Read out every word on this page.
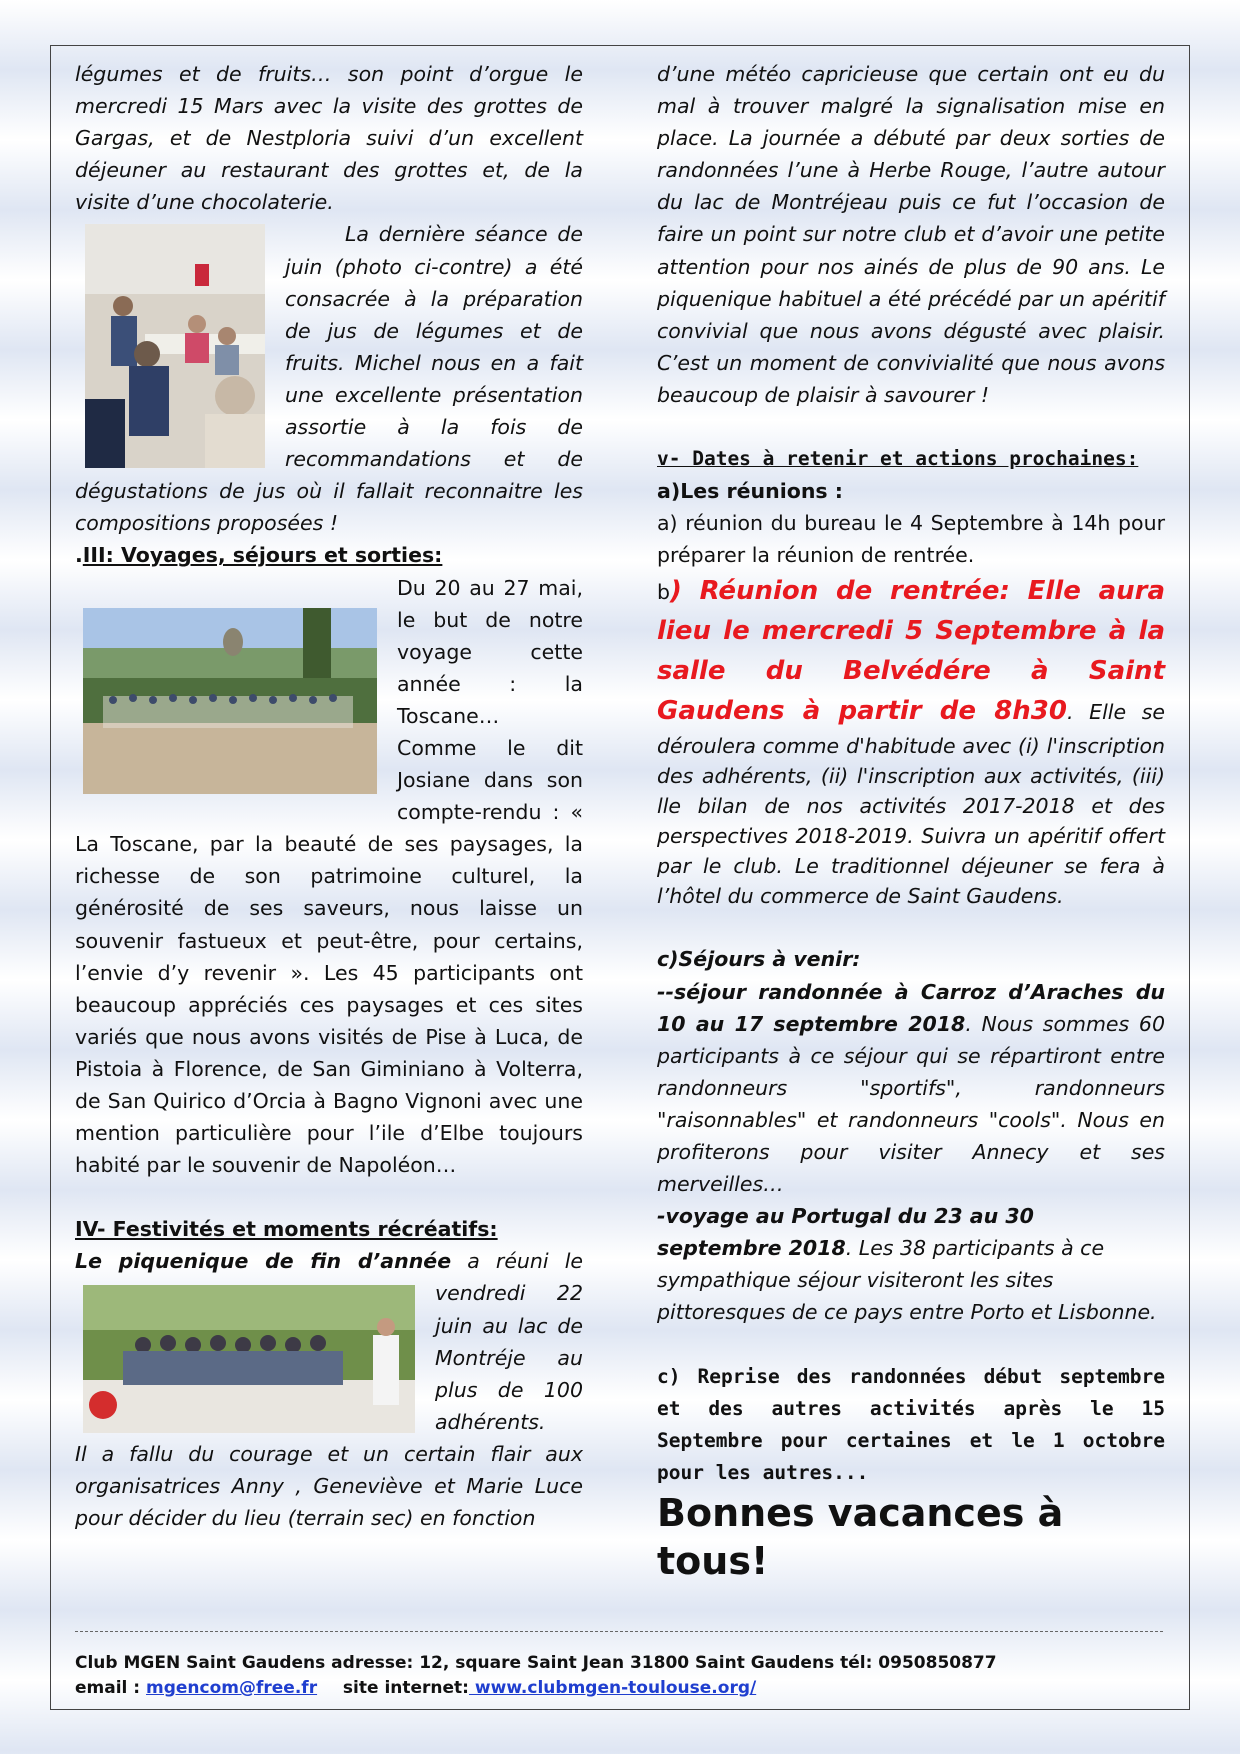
légumes et de fruits… son point d’orgue le mercredi 15 Mars avec la visite des grottes de Gargas, et de Nestploria suivi d’un excellent déjeuner au restaurant des grottes et, de la visite d’une chocolaterie.

La dernière séance de juin (photo ci-contre) a été consacrée à la préparation de jus de légumes et de fruits. Michel nous en a fait une excellente présentation assortie à la fois de recommandations et de dégustations de jus où il fallait reconnaitre les compositions proposées !

.III: Voyages, séjours et sorties:

Du 20 au 27 mai, le but de notre voyage cette année : la Toscane… Comme le dit Josiane dans son compte-rendu : « La Toscane, par la beauté de ses paysages, la richesse de son patrimoine culturel, la générosité de ses saveurs, nous laisse un souvenir fastueux et peut-être, pour certains, l’envie d’y revenir ». Les 45 participants ont beaucoup appréciés ces paysages et ces sites variés que nous avons visités de Pise à Luca, de Pistoia à Florence, de San Giminiano à Volterra, de San Quirico d’Orcia à Bagno Vignoni avec une mention particulière pour l’ile d’Elbe toujours habité par le souvenir de Napoléon…

IV- Festivités et moments récréatifs:

Le piquenique de fin d’année
a réuni le vendredi 22 juin au lac de Montréje au plus de 100 adhérents.

Il a fallu du courage et un certain flair aux organisatrices Anny , Geneviève et Marie Luce pour décider du lieu (terrain sec) en fonction

d’une météo capricieuse que certain ont eu du mal à trouver malgré la signalisation mise en place. La journée a débuté par deux sorties de randonnées l’une à Herbe Rouge, l’autre autour du lac de Montréjeau puis ce fut l’occasion de faire un point sur notre club et d’avoir une petite attention pour nos ainés de plus de 90 ans. Le piquenique habituel a été précédé par un apéritif convivial que nous avons dégusté avec plaisir. C’est un moment de convivialité que nous avons beaucoup de plaisir à savourer !

v- Dates à retenir et actions prochaines:

a)Les réunions :

a) réunion du bureau le 4 Septembre à 14h pour préparer la réunion de rentrée.

b) Réunion de rentrée: Elle aura lieu le mercredi 5 Septembre à la salle du Belvédére à Saint Gaudens à partir de 8h30. Elle se déroulera comme d'habitude avec (i) l'inscription des adhérents, (ii) l'inscription aux activités, (iii) lle bilan de nos activités 2017-2018 et des perspectives 2018-2019. Suivra un apéritif offert par le club. Le traditionnel déjeuner se fera à l’hôtel du commerce de Saint Gaudens.

c)Séjours à venir:

--séjour randonnée à Carroz d’Araches du 10 au 17 septembre 2018. Nous sommes 60 participants à ce séjour qui se répartiront entre randonneurs "sportifs", randonneurs "raisonnables" et randonneurs "cools". Nous en profiterons pour visiter Annecy et ses merveilles…

-voyage au Portugal du 23 au 30 septembre 2018. Les 38 participants à ce sympathique séjour visiteront les sites pittoresques de ce pays entre Porto et Lisbonne.

c) Reprise des randonnées début septembre et des autres activités après le 15 Septembre pour certaines et le 1 octobre pour les autres...

Bonnes vacances à tous!

Club MGEN Saint Gaudens adresse: 12, square Saint Jean 31800 Saint Gaudens tél: 0950850877
email : mgencom@free.fr site internet: www.clubmgen-toulouse.org/
